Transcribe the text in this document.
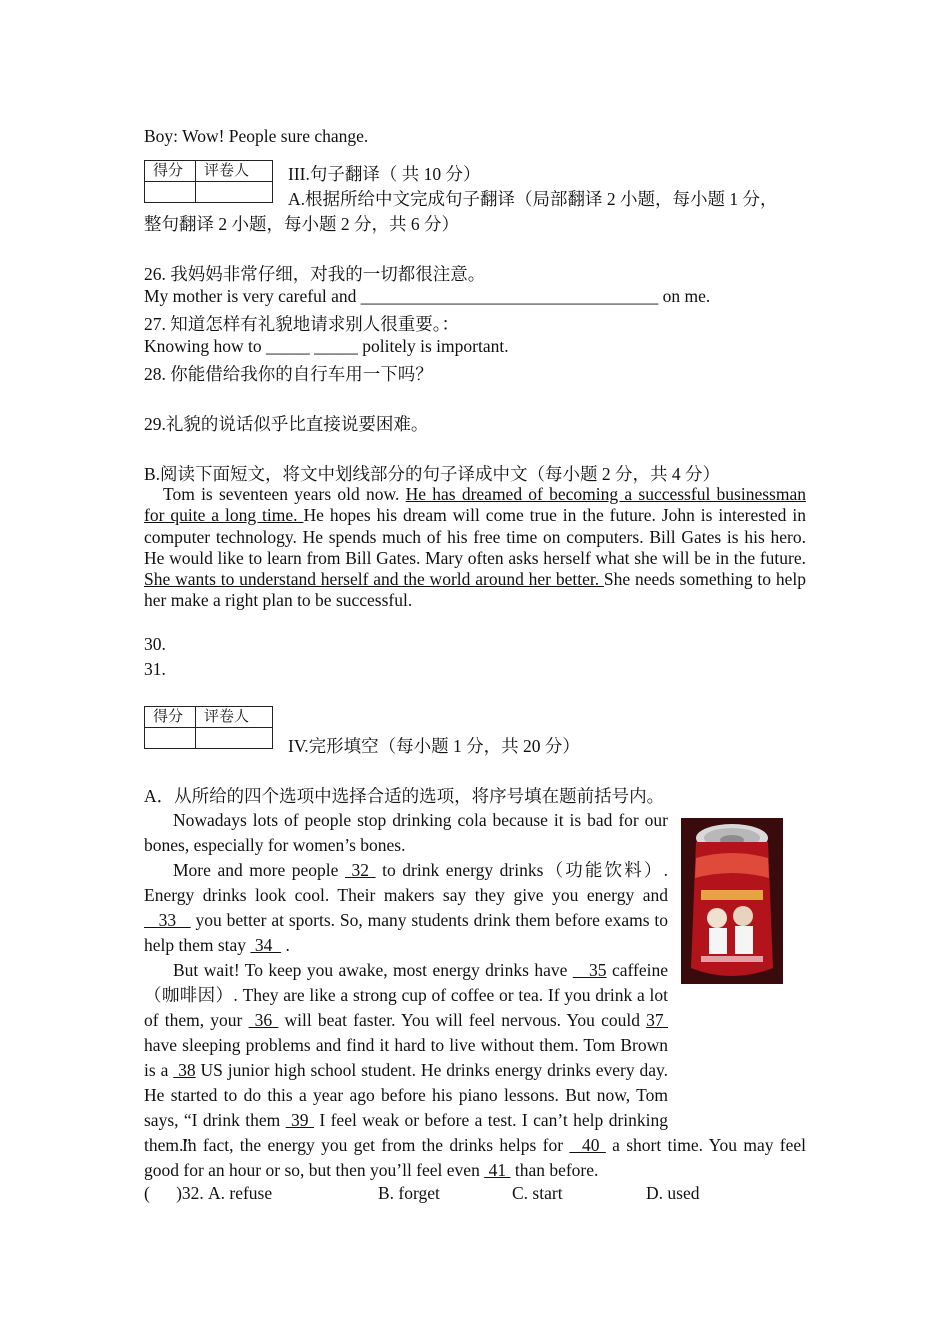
Boy: Wow! People sure change.
得分	评卷人
	III.句子翻译（ 共 10 分）
A.根据所给中文完成句子翻译（局部翻译 2 小题，每小题 1 分，
整句翻译 2 小题，每小题 2 分，共 6 分）
26. 我妈妈非常仔细，对我的一切都很注意。
My mother is very careful and __________________________________ on me.
27. 知道怎样有礼貌地请求别人很重要。：
Knowing how to _____ _____ politely is important.
28. 你能借给我你的自行车用一下吗？
29.礼貌的说话似乎比直接说要困难。
B.阅读下面短文，将文中划线部分的句子译成中文（每小题 2 分，共 4 分）
Tom is seventeen years old now. He has dreamed of becoming a successful businessman for quite a long time. He hopes his dream will come true in the future. John is interested in computer technology. He spends much of his free time on computers. Bill Gates is his hero. He would like to learn from Bill Gates. Mary often asks herself what she will be in the future. She wants to understand herself and the world around her better. She needs something to help her make a right plan to be successful.
30.
31.
得分	评卷人

IV.完形填空（每小题 1 分，共 20 分）
A．从所给的四个选项中选择合适的选项，将序号填在题前括号内。
Nowadays lots of people stop drinking cola because it is bad for our bones, especially for women’s bones.
More and more people  32  to drink energy drinks（功能饮料）. Energy drinks look cool. Their makers say they give you energy and    33    you better at sports. So, many students drink them before exams to help them stay  34   .
But wait! To keep you awake, most energy drinks have    35 caffeine（咖啡因）. They are like a strong cup of coffee or tea. If you drink a lot of them, your  36  will beat faster. You will feel nervous. You could 37  have sleeping problems and find it hard to live without them. Tom Brown is a  38 US junior high school student. He drinks energy drinks every day. He started to do this a year ago before his piano lessons. But now, Tom says, “I drink them  39  I feel weak or before a test. I can’t help drinking them.”
In fact, the energy you get from the drinks helps for   40  a short time. You may feel good for an hour or so, but then you’ll feel even  41  than before.
(      )32. A. refuse	B. forget	C. start	D. used
